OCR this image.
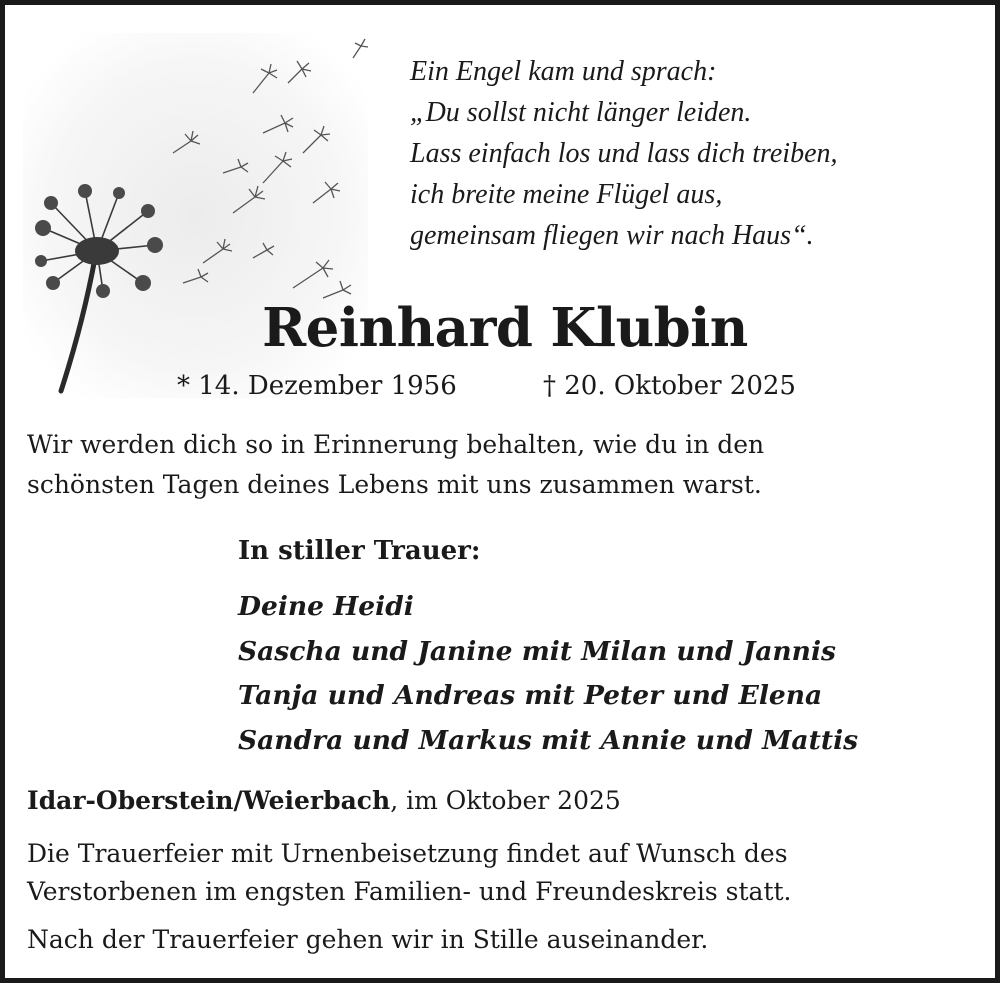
Ein Engel kam und sprach:
„Du sollst nicht länger leiden.
Lass einfach los und lass dich treiben,
ich breite meine Flügel aus,
gemeinsam fliegen wir nach Haus“.
Reinhard Klubin
* 14. Dezember 1956	† 20. Oktober 2025
Wir werden dich so in Erinnerung behalten, wie du in den
schönsten Tagen deines Lebens mit uns zusammen warst.
In stiller Trauer:
Deine Heidi
Sascha und Janine mit Milan und Jannis
Tanja und Andreas mit Peter und Elena
Sandra und Markus mit Annie und Mattis
Idar-Oberstein/Weierbach, im Oktober 2025
Die Trauerfeier mit Urnenbeisetzung findet auf Wunsch des
Verstorbenen im engsten Familien- und Freundeskreis statt.
Nach der Trauerfeier gehen wir in Stille auseinander.
